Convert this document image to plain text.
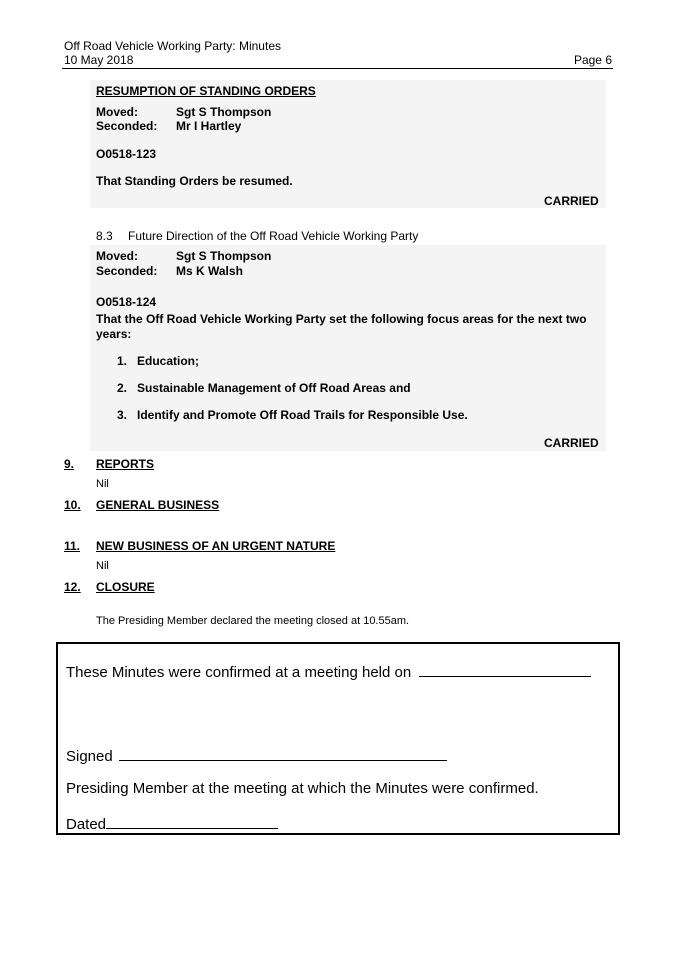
Off Road Vehicle Working Party: Minutes
10 May 2018	Page 6
RESUMPTION OF STANDING ORDERS
Moved:	Sgt S Thompson
Seconded: Mr I Hartley
O0518-123
That Standing Orders be resumed.
CARRIED
8.3 Future Direction of the Off Road Vehicle Working Party
Moved:	Sgt S Thompson
Seconded: Ms K Walsh
O0518-124
That the Off Road Vehicle Working Party set the following focus areas for the next two
years:
1. Education;
2. Sustainable Management of Off Road Areas and
3. Identify and Promote Off Road Trails for Responsible Use.
CARRIED
9. REPORTS
Nil
10. GENERAL BUSINESS
11. NEW BUSINESS OF AN URGENT NATURE
Nil
12. CLOSURE
The Presiding Member declared the meeting closed at 10.55am.
These Minutes were confirmed at a meeting held on
Signed
Presiding Member at the meeting at which the Minutes were confirmed.
Dated
